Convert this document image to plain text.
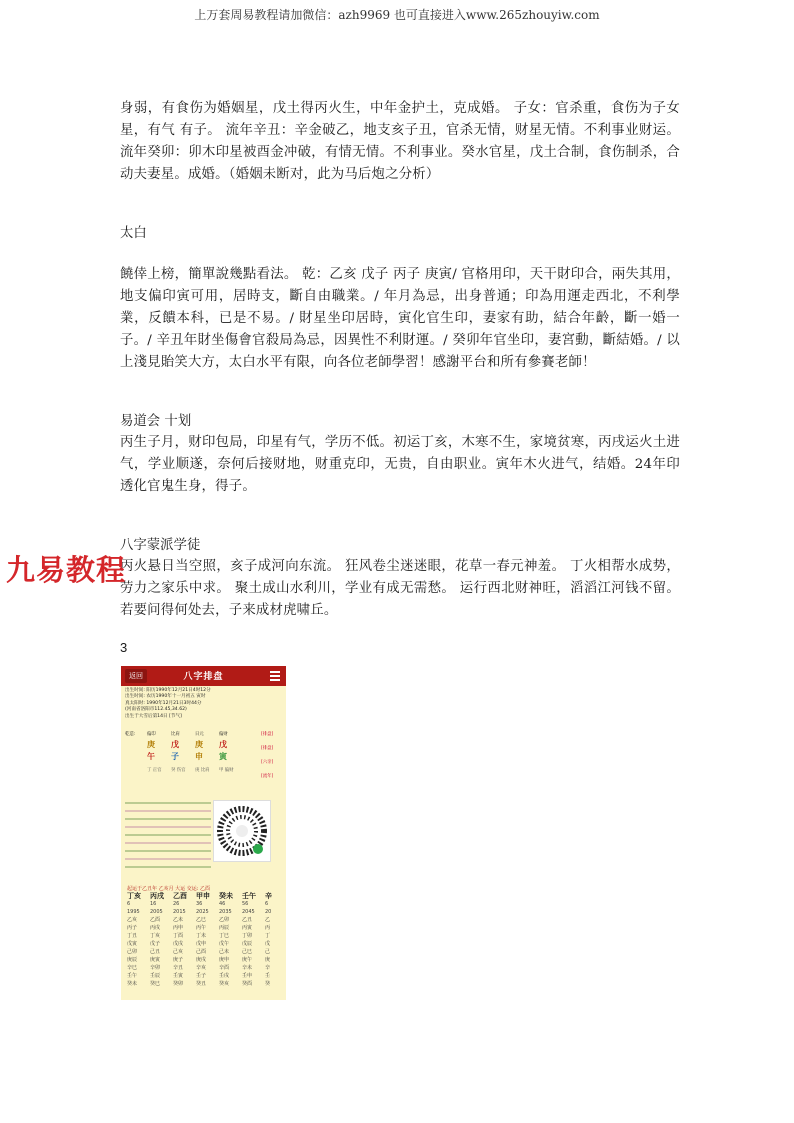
上万套周易教程请加微信：azh9969 也可直接进入www.265zhouyiw.com
身弱，有食伤为婚姻星，戊土得丙火生，中年金护土，克成婚。 子女：官杀重，食伤为子女星，有气 有子。 流年辛丑：辛金破乙，地支亥子丑，官杀无情，财星无情。不利事业财运。 流年癸卯：卯木印星被酉金冲破，有情无情。不利事业。癸水官星，戊土合制，食伤制杀，合动夫妻星。成婚。（婚姻未断对，此为马后炮之分析）
太白
饒倖上榜，簡單說幾點看法。 乾：乙亥 戊子 丙子 庚寅/ 官格用印，天干財印合，兩失其用，地支偏印寅可用，居時支，斷自由職業。/ 年月為忌，出身普通；印為用運走西北，不利學業，反饋本科，已是不易。/ 財星坐印居時，寅化官生印，妻家有助，結合年齡，斷一婚一子。/ 辛丑年財坐傷會官殺局為忌，因異性不利財運。/ 癸卯年官坐印，妻宮動，斷結婚。/ 以上淺見貽笑大方，太白水平有限，向各位老師學習！感謝平台和所有參賽老師！
易道会 十划
丙生子月，财印包局，印星有气，学历不低。初运丁亥，木寒不生，家境贫寒，丙戌运火土进气，学业顺遂，奈何后接财地，财重克印，无贵，自由职业。寅年木火进气，结婚。24年印透化官鬼生身，得子。
八字蒙派学徒
丙火悬日当空照，亥子成河向东流。 狂风卷尘迷迷眼，花草一春元神羞。 丁火相帮水成势，劳力之家乐中求。 聚土成山水利川，学业有成无需愁。 运行西北财神旺，滔滔江河钱不留。若要问得何处去，子来成材虎啸丘。
九易教程
3
返回	八字排盘
出生时间: 阳历1990年12月21日4时12分
出生时间: 农历1990年十一月初五 寅时
真太阳时: 1990年12月21日3时44分
(河南省洛阳市112.45,34.62)
出生于大雪后第14日 [节气]
乾造:	偏印	比肩	日元	偏财
庚 戊 庚 戊
午 子 申 寅
丁 正官 癸 伤官 庚 比肩 甲 偏财
[排盘]
[排盘]
[六亲]
[流年]
起运于乙丑年 乙亥月 大运 交运: 乙酉
丁亥	丙戌	乙酉	甲申	癸未	壬午	辛
6	16	26	36	46	56	6
1995	2005	2015	2025	2035	2045	20
乙亥	乙酉	乙未	乙巳	乙卯	乙丑	乙
丙子	丙戌	丙申	丙午	丙辰	丙寅	丙
丁丑	丁亥	丁酉	丁未	丁巳	丁卯	丁
戊寅	戊子	戊戌	戊申	戊午	戊辰	戊
己卯	己丑	己亥	己酉	己未	己巳	己
庚辰	庚寅	庚子	庚戌	庚申	庚午	庚
辛巳	辛卯	辛丑	辛亥	辛酉	辛未	辛
壬午	壬辰	壬寅	壬子	壬戌	壬申	壬
癸未	癸巳	癸卯	癸丑	癸亥	癸酉	癸
